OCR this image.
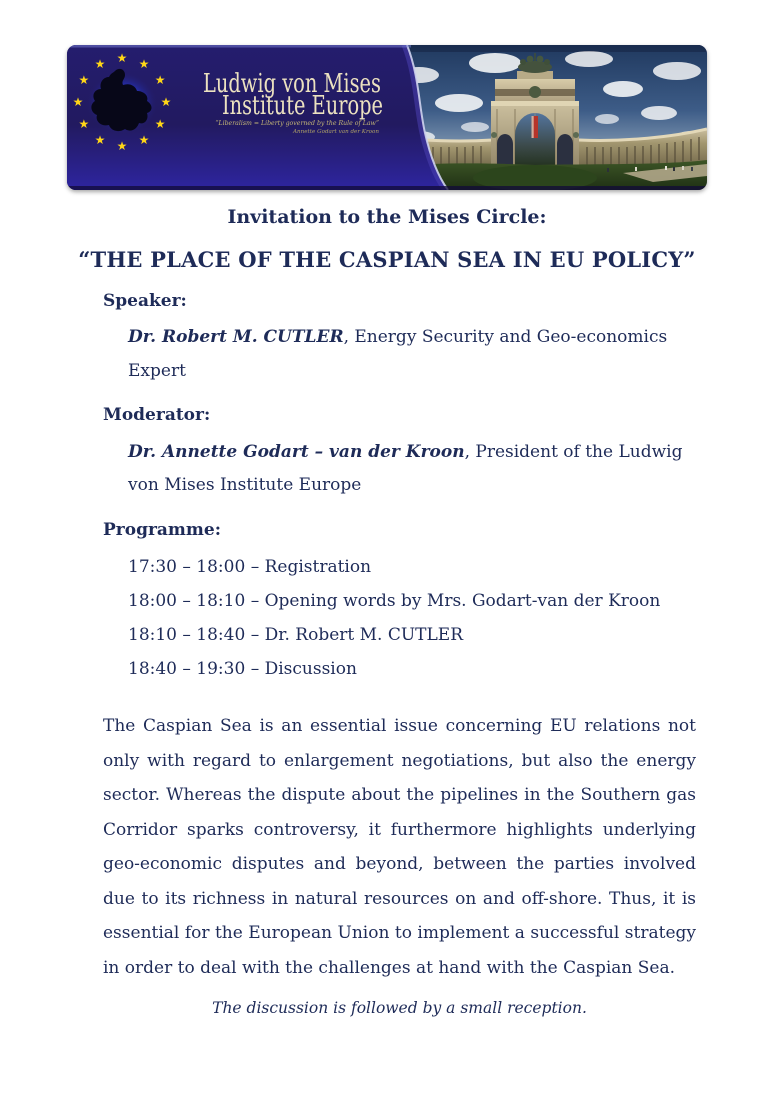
★ ★
★
★
★
★
★
★
★
★
★
★
Ludwig von Mises
Institute Europe
“Liberalism = Liberty governed by the Rule of Law”
Annette Godart van der Kroon
Invitation to the Mises Circle:
“THE PLACE OF THE CASPIAN SEA IN EU POLICY”
Speaker:

Dr. Robert M. CUTLER, Energy Security and Geo-economics Expert

Moderator:

Dr. Annette Godart – van der Kroon, President of the Ludwig von Mises Institute Europe

Programme:

17:30 – 18:00 – Registration

18:00 – 18:10 – Opening words by Mrs. Godart-van der Kroon

18:10 – 18:40 – Dr. Robert M. CUTLER

18:40 – 19:30 – Discussion

The Caspian Sea is an essential issue concerning EU relations not only with regard to enlargement negotiations, but also the energy sector. Whereas the dispute about the pipelines in the Southern gas Corridor sparks controversy, it furthermore highlights underlying geo-economic disputes and beyond, between the parties involved due to its richness in natural resources on and off-shore. Thus, it is essential for the European Union to implement a successful strategy in order to deal with the challenges at hand with the Caspian Sea.

The discussion is followed by a small reception.
